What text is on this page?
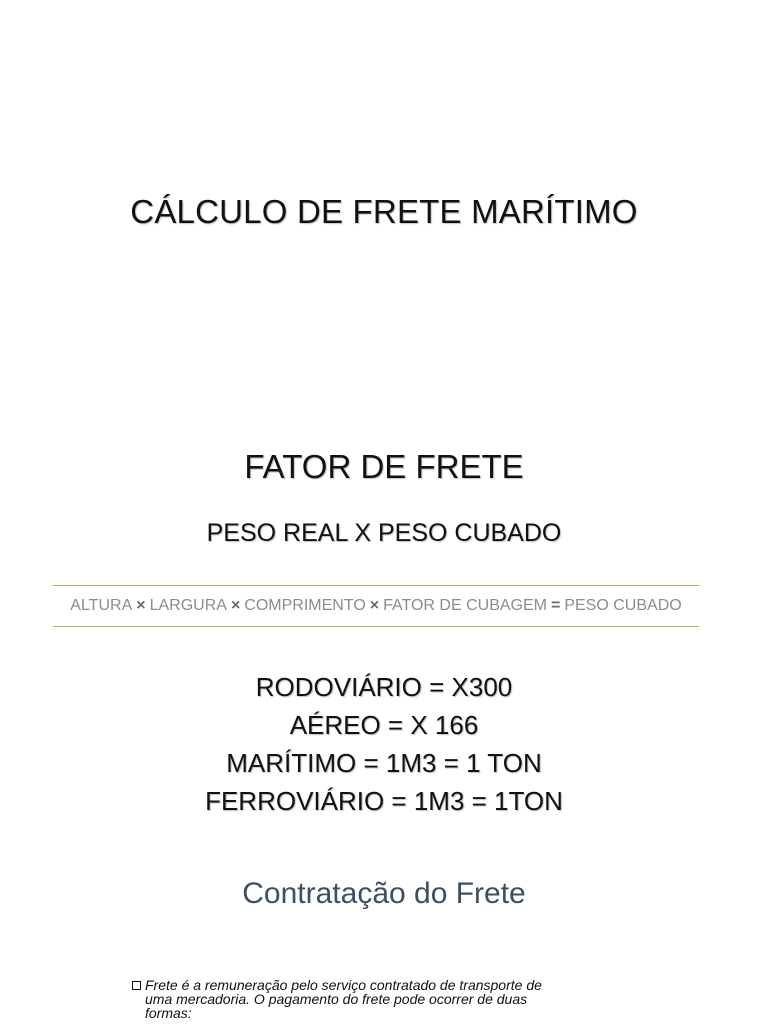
CÁLCULO DE FRETE MARÍTIMO
FATOR DE FRETE
PESO REAL X PESO CUBADO
ALTURA × LARGURA × COMPRIMENTO × FATOR DE CUBAGEM = PESO CUBADO
RODOVIÁRIO = X300
AÉREO = X 166
MARÍTIMO = 1M3 = 1 TON
FERROVIÁRIO = 1M3 = 1TON
Contratação do Frete
Frete é a remuneração pelo serviço contratado de transporte de
uma mercadoria. O pagamento do frete pode ocorrer de duas
formas:
